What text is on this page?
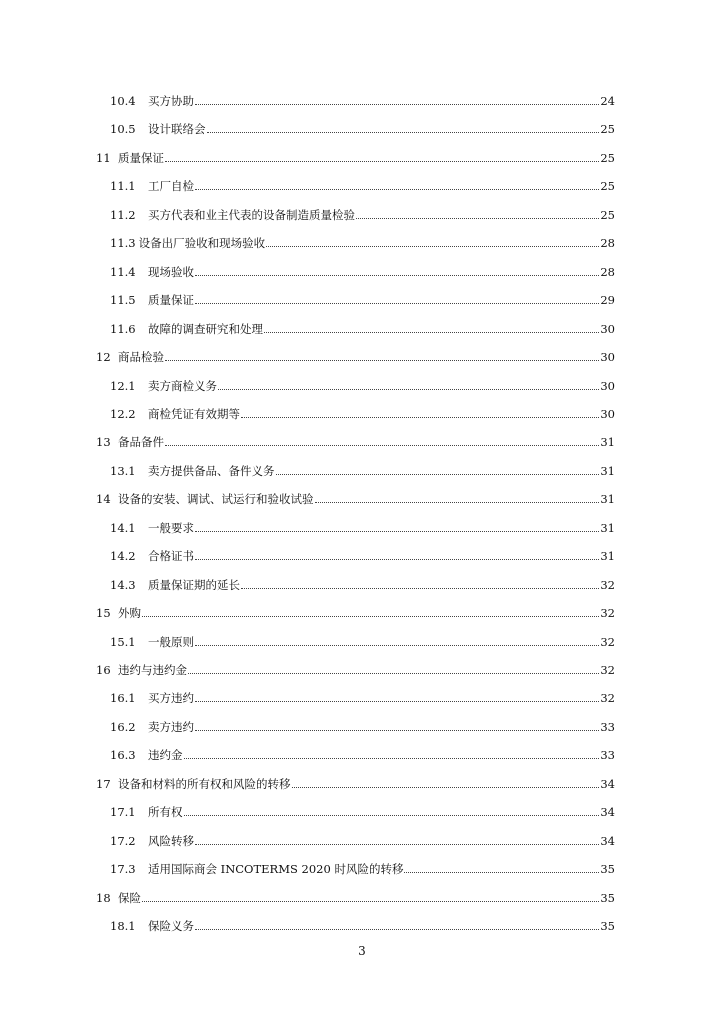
10.4	买方协助	24
10.5	设计联络会	25
11 质量保证	25
11.1	工厂自检	25
11.2	买方代表和业主代表的设备制造质量检验	25
11.3 设备出厂验收和现场验收	28
11.4	现场验收	28
11.5	质量保证	29
11.6	故障的调查研究和处理	30
12 商品检验	30
12.1	卖方商检义务	30
12.2	商检凭证有效期等	30
13 备品备件	31
13.1	卖方提供备品、备件义务	31
14 设备的安装、调试、试运行和验收试验	31
14.1	一般要求	31
14.2	合格证书	31
14.3	质量保证期的延长	32
15 外购	32
15.1	一般原则	32
16 违约与违约金	32
16.1	买方违约	32
16.2	卖方违约	33
16.3	违约金	33
17 设备和材料的所有权和风险的转移	34
17.1	所有权	34
17.2	风险转移	34
17.3	适用国际商会 INCOTERMS 2020 时风险的转移	35
18 保险	35
18.1	保险义务	35
3
